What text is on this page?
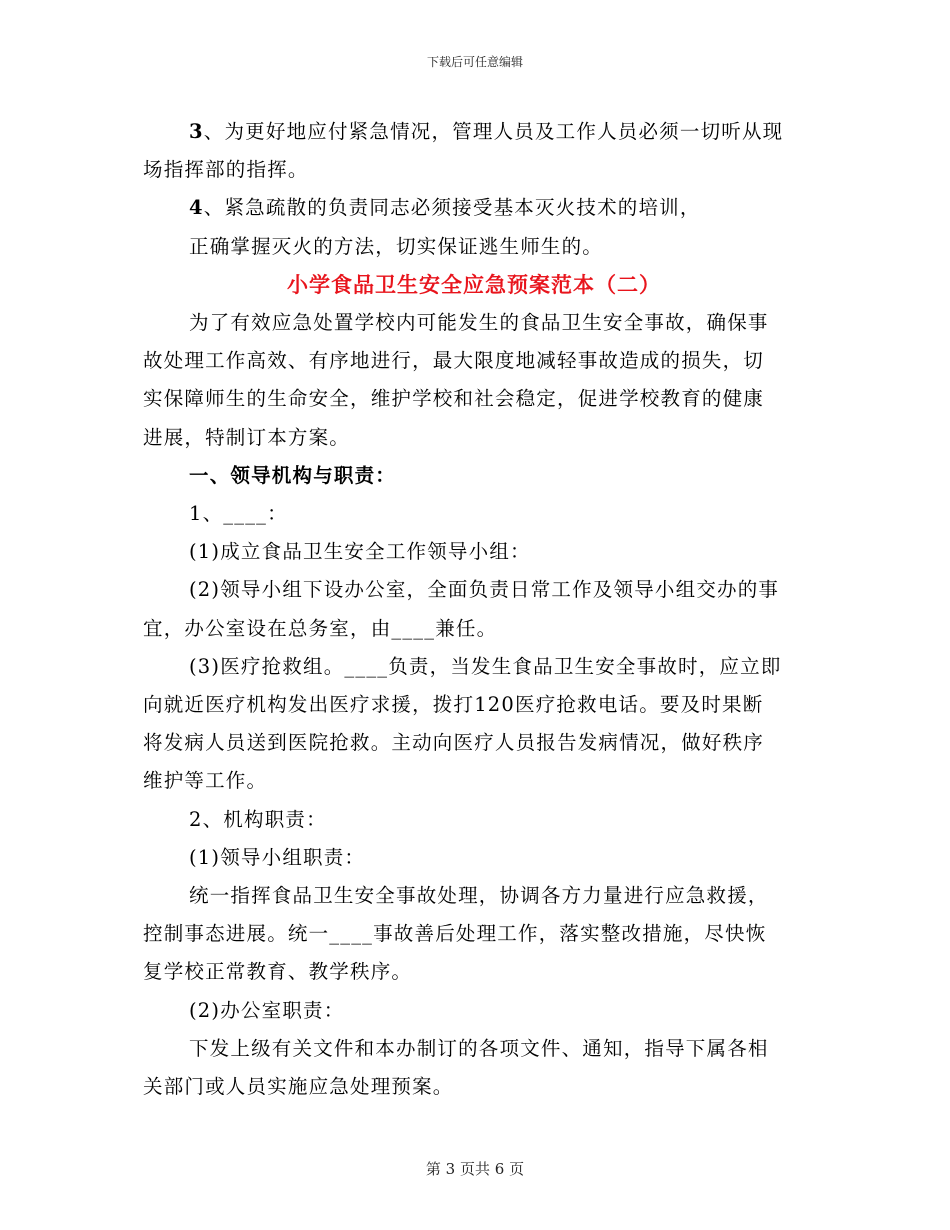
下载后可任意编辑

3、为更好地应付紧急情况，管理人员及工作人员必须一切听从现

场指挥部的指挥。

4、紧急疏散的负责同志必须接受基本灭火技术的培训，

正确掌握灭火的方法，切实保证逃生师生的。

小学食品卫生安全应急预案范本（二）

为了有效应急处置学校内可能发生的食品卫生安全事故，确保事

故处理工作高效、有序地进行，最大限度地减轻事故造成的损失，切

实保障师生的生命安全，维护学校和社会稳定，促进学校教育的健康

进展，特制订本方案。

一、领导机构与职责：

1、____：

(1)成立食品卫生安全工作领导小组：

(2)领导小组下设办公室，全面负责日常工作及领导小组交办的事

宜，办公室设在总务室，由____兼任。

(3)医疗抢救组。____负责，当发生食品卫生安全事故时，应立即

向就近医疗机构发出医疗求援，拨打120医疗抢救电话。要及时果断

将发病人员送到医院抢救。主动向医疗人员报告发病情况，做好秩序

维护等工作。

2、机构职责：

(1)领导小组职责：

统一指挥食品卫生安全事故处理，协调各方力量进行应急救援，

控制事态进展。统一____事故善后处理工作，落实整改措施，尽快恢

复学校正常教育、教学秩序。

(2)办公室职责：

下发上级有关文件和本办制订的各项文件、通知，指导下属各相

关部门或人员实施应急处理预案。

第 3 页共 6 页
